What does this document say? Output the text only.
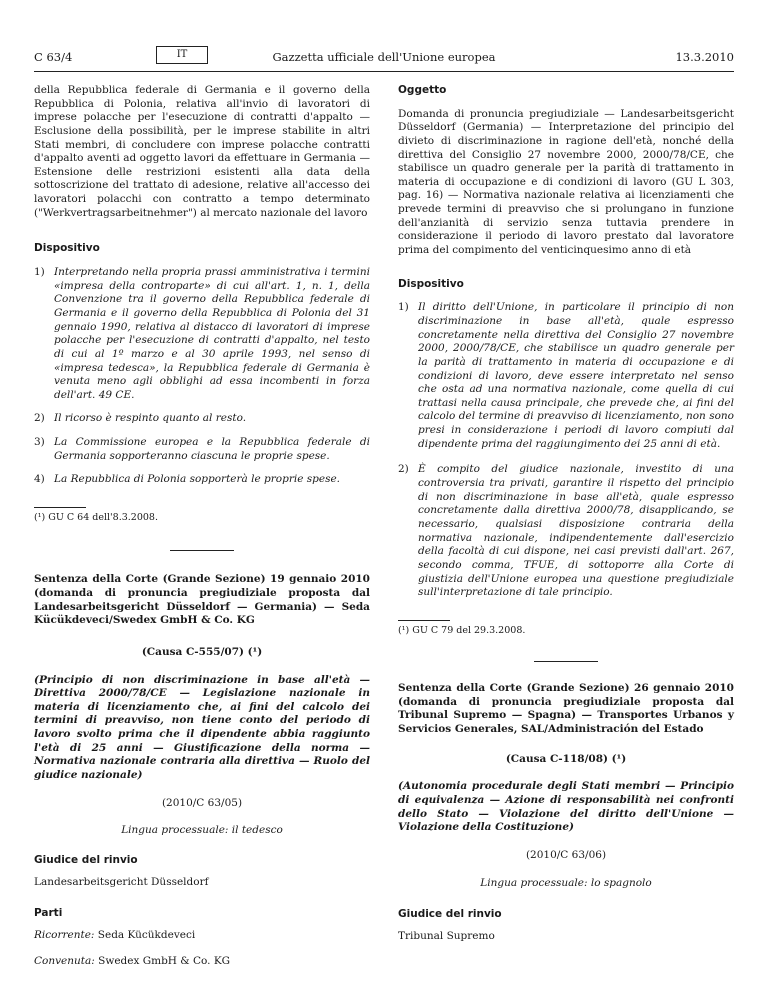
C 63/4	IT	Gazzetta ufficiale dell'Unione europea	13.3.2010

della Repubblica federale di Germania e il governo della Repubblica di Polonia, relativa all'invio di lavoratori di imprese polacche per l'esecuzione di contratti d'appalto — Esclusione della possibilità, per le imprese stabilite in altri Stati membri, di concludere con imprese polacche contratti d'appalto aventi ad oggetto lavori da effettuare in Germania — Estensione delle restrizioni esistenti alla data della sottoscrizione del trattato di adesione, relative all'accesso dei lavoratori polacchi con contratto a tempo determinato ("Werkvertragsarbeitnehmer") al mercato nazionale del lavoro

Dispositivo
1) Interpretando nella propria prassi amministrativa i termini «impresa della controparte» di cui all'art. 1, n. 1, della Convenzione tra il governo della Repubblica federale di Germania e il governo della Repubblica di Polonia del 31 gennaio 1990, relativa al distacco di lavoratori di imprese polacche per l'esecuzione di contratti d'appalto, nel testo di cui al 1º marzo e al 30 aprile 1993, nel senso di «impresa tedesca», la Repubblica federale di Germania è venuta meno agli obblighi ad essa incombenti in forza dell'art. 49 CE.
2) Il ricorso è respinto quanto al resto.
3) La Commissione europea e la Repubblica federale di Germania sopporteranno ciascuna le proprie spese.
4) La Repubblica di Polonia sopporterà le proprie spese.
(¹) GU C 64 dell'8.3.2008.

Sentenza della Corte (Grande Sezione) 19 gennaio 2010 (domanda di pronuncia pregiudiziale proposta dal Landesarbeitsgericht Düsseldorf — Germania) — Seda Kücükdeveci/Swedex GmbH & Co. KG

(Causa C-555/07) (¹)

(Principio di non discriminazione in base all'età — Direttiva 2000/78/CE — Legislazione nazionale in materia di licenziamento che, ai fini del calcolo dei termini di preavviso, non tiene conto del periodo di lavoro svolto prima che il dipendente abbia raggiunto l'età di 25 anni — Giustificazione della norma — Normativa nazionale contraria alla direttiva — Ruolo del giudice nazionale)

(2010/C 63/05)

Lingua processuale: il tedesco

Giudice del rinvio

Landesarbeitsgericht Düsseldorf

Parti

Ricorrente: Seda Kücükdeveci

Convenuta: Swedex GmbH & Co. KG

Oggetto

Domanda di pronuncia pregiudiziale — Landesarbeitsgericht Düsseldorf (Germania) — Interpretazione del principio del divieto di discriminazione in ragione dell'età, nonché della direttiva del Consiglio 27 novembre 2000, 2000/78/CE, che stabilisce un quadro generale per la parità di trattamento in materia di occupazione e di condizioni di lavoro (GU L 303, pag. 16) — Normativa nazionale relativa ai licenziamenti che prevede termini di preavviso che si prolungano in funzione dell'anzianità di servizio senza tuttavia prendere in considerazione il periodo di lavoro prestato dal lavoratore prima del compimento del venticinquesimo anno di età

Dispositivo
1) Il diritto dell'Unione, in particolare il principio di non discriminazione in base all'età, quale espresso concretamente nella direttiva del Consiglio 27 novembre 2000, 2000/78/CE, che stabilisce un quadro generale per la parità di trattamento in materia di occupazione e di condizioni di lavoro, deve essere interpretato nel senso che osta ad una normativa nazionale, come quella di cui trattasi nella causa principale, che prevede che, ai fini del calcolo del termine di preavviso di licenziamento, non sono presi in considerazione i periodi di lavoro compiuti dal dipendente prima del raggiungimento dei 25 anni di età.
2) È compito del giudice nazionale, investito di una controversia tra privati, garantire il rispetto del principio di non discriminazione in base all'età, quale espresso concretamente dalla direttiva 2000/78, disapplicando, se necessario, qualsiasi disposizione contraria della normativa nazionale, indipendentemente dall'esercizio della facoltà di cui dispone, nei casi previsti dall'art. 267, secondo comma, TFUE, di sottoporre alla Corte di giustizia dell'Unione europea una questione pregiudiziale sull'interpretazione di tale principio.
(¹) GU C 79 del 29.3.2008.

Sentenza della Corte (Grande Sezione) 26 gennaio 2010 (domanda di pronuncia pregiudiziale proposta dal Tribunal Supremo — Spagna) — Transportes Urbanos y Servicios Generales, SAL/Administración del Estado

(Causa C-118/08) (¹)

(Autonomia procedurale degli Stati membri — Principio di equivalenza — Azione di responsabilità nei confronti dello Stato — Violazione del diritto dell'Unione — Violazione della Costituzione)

(2010/C 63/06)

Lingua processuale: lo spagnolo

Giudice del rinvio

Tribunal Supremo
